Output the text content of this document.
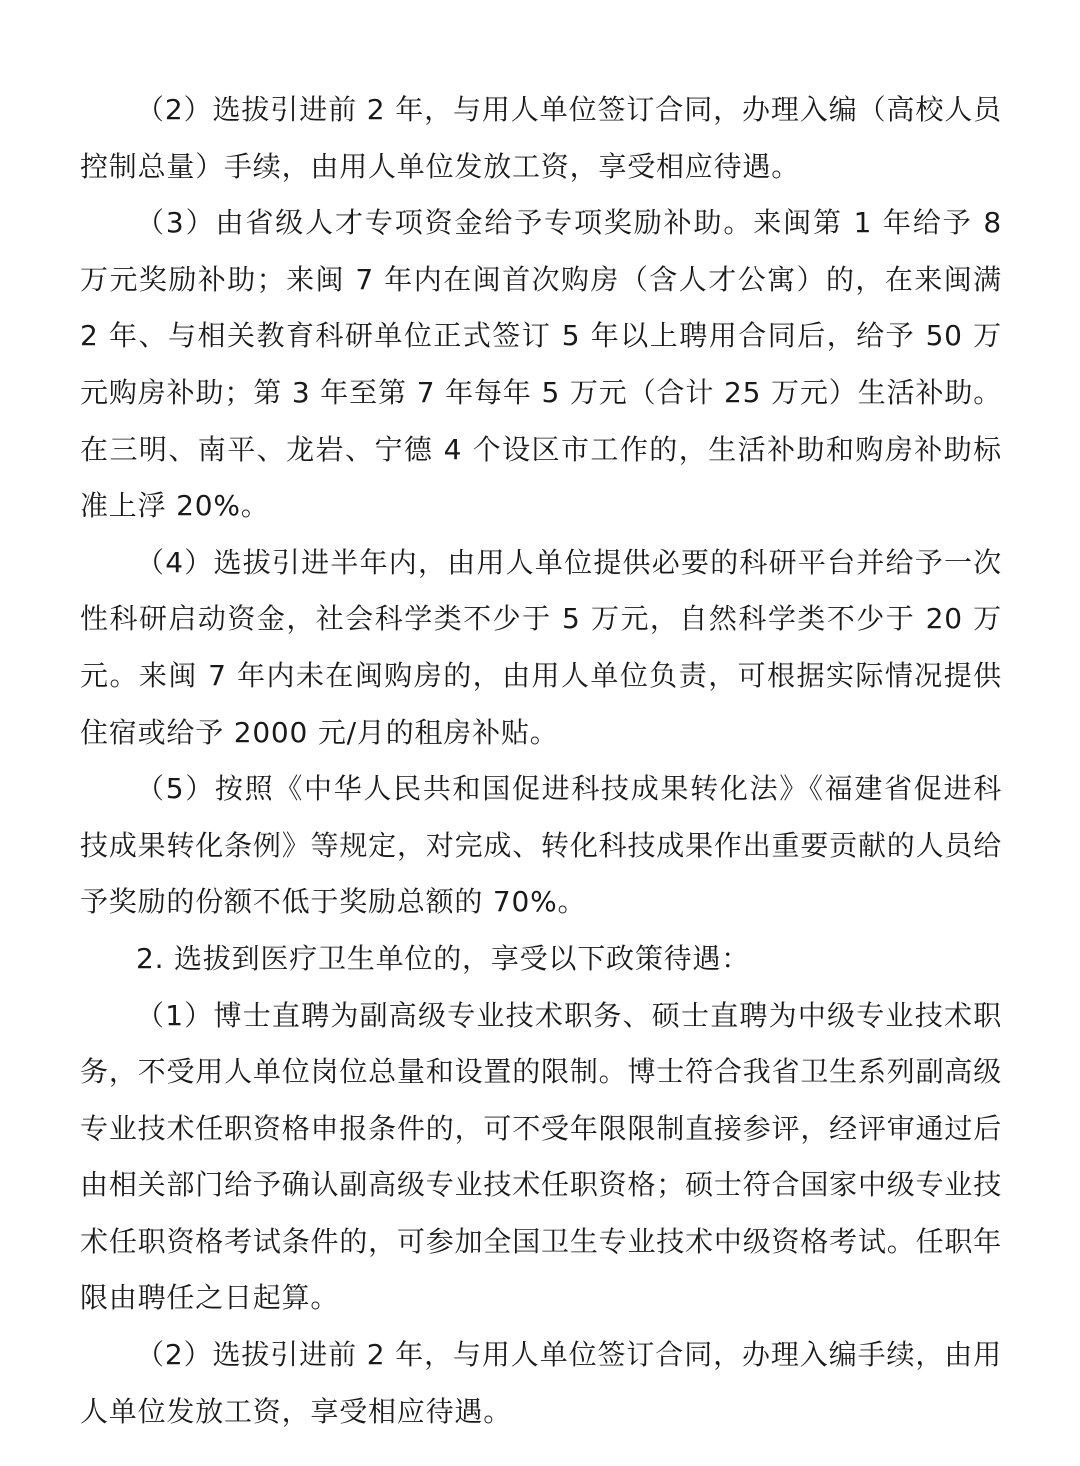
（2）选拔引进前 2 年，与用人单位签订合同，办理入编（高校人员控制总量）手续，由用人单位发放工资，享受相应待遇。

（3）由省级人才专项资金给予专项奖励补助。来闽第 1 年给予 8 万元奖励补助；来闽 7 年内在闽首次购房（含人才公寓）的，在来闽满 2 年、与相关教育科研单位正式签订 5 年以上聘用合同后，给予 50 万元购房补助；第 3 年至第 7 年每年 5 万元（合计 25 万元）生活补助。在三明、南平、龙岩、宁德 4 个设区市工作的，生活补助和购房补助标准上浮 20%。

（4）选拔引进半年内，由用人单位提供必要的科研平台并给予一次性科研启动资金，社会科学类不少于 5 万元，自然科学类不少于 20 万元。来闽 7 年内未在闽购房的，由用人单位负责，可根据实际情况提供住宿或给予 2000 元/月的租房补贴。

（5）按照《中华人民共和国促进科技成果转化法》《福建省促进科技成果转化条例》等规定，对完成、转化科技成果作出重要贡献的人员给予奖励的份额不低于奖励总额的 70%。

2. 选拔到医疗卫生单位的，享受以下政策待遇：

（1）博士直聘为副高级专业技术职务、硕士直聘为中级专业技术职务，不受用人单位岗位总量和设置的限制。博士符合我省卫生系列副高级专业技术任职资格申报条件的，可不受年限限制直接参评，经评审通过后由相关部门给予确认副高级专业技术任职资格；硕士符合国家中级专业技术任职资格考试条件的，可参加全国卫生专业技术中级资格考试。任职年限由聘任之日起算。

（2）选拔引进前 2 年，与用人单位签订合同，办理入编手续，由用人单位发放工资，享受相应待遇。
